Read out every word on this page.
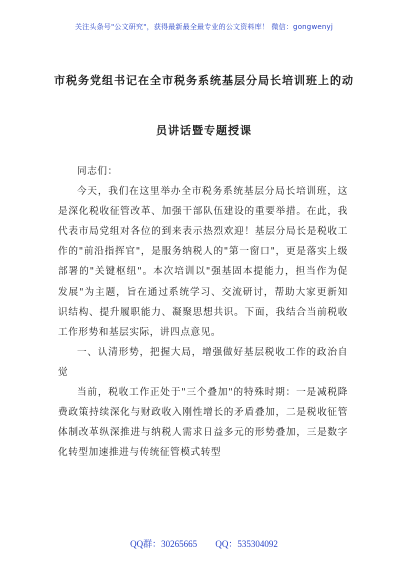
关注头条号"公文研究"，获得最新最全最专业的公文资料库！ 微信：gongwenyj
市税务党组书记在全市税务系统基层分局长培训班上的动
员讲话暨专题授课

同志们：

今天，我们在这里举办全市税务系统基层分局长培训班，这是深化税收征管改革、加强干部队伍建设的重要举措。在此，我代表市局党组对各位的到来表示热烈欢迎！基层分局长是税收工作的"前沿指挥官"，是服务纳税人的"第一窗口"，更是落实上级部署的"关键枢纽"。本次培训以"强基固本提能力，担当作为促发展"为主题，旨在通过系统学习、交流研讨，帮助大家更新知识结构、提升履职能力、凝聚思想共识。下面，我结合当前税收工作形势和基层实际，讲四点意见。

一、认清形势，把握大局，增强做好基层税收工作的政治自觉

当前，税收工作正处于"三个叠加"的特殊时期：一是减税降费政策持续深化与财政收入刚性增长的矛盾叠加，二是税收征管体制改革纵深推进与纳税人需求日益多元的形势叠加，三是数字化转型加速推进与传统征管模式转型

QQ群：30265665 QQ：535304092
